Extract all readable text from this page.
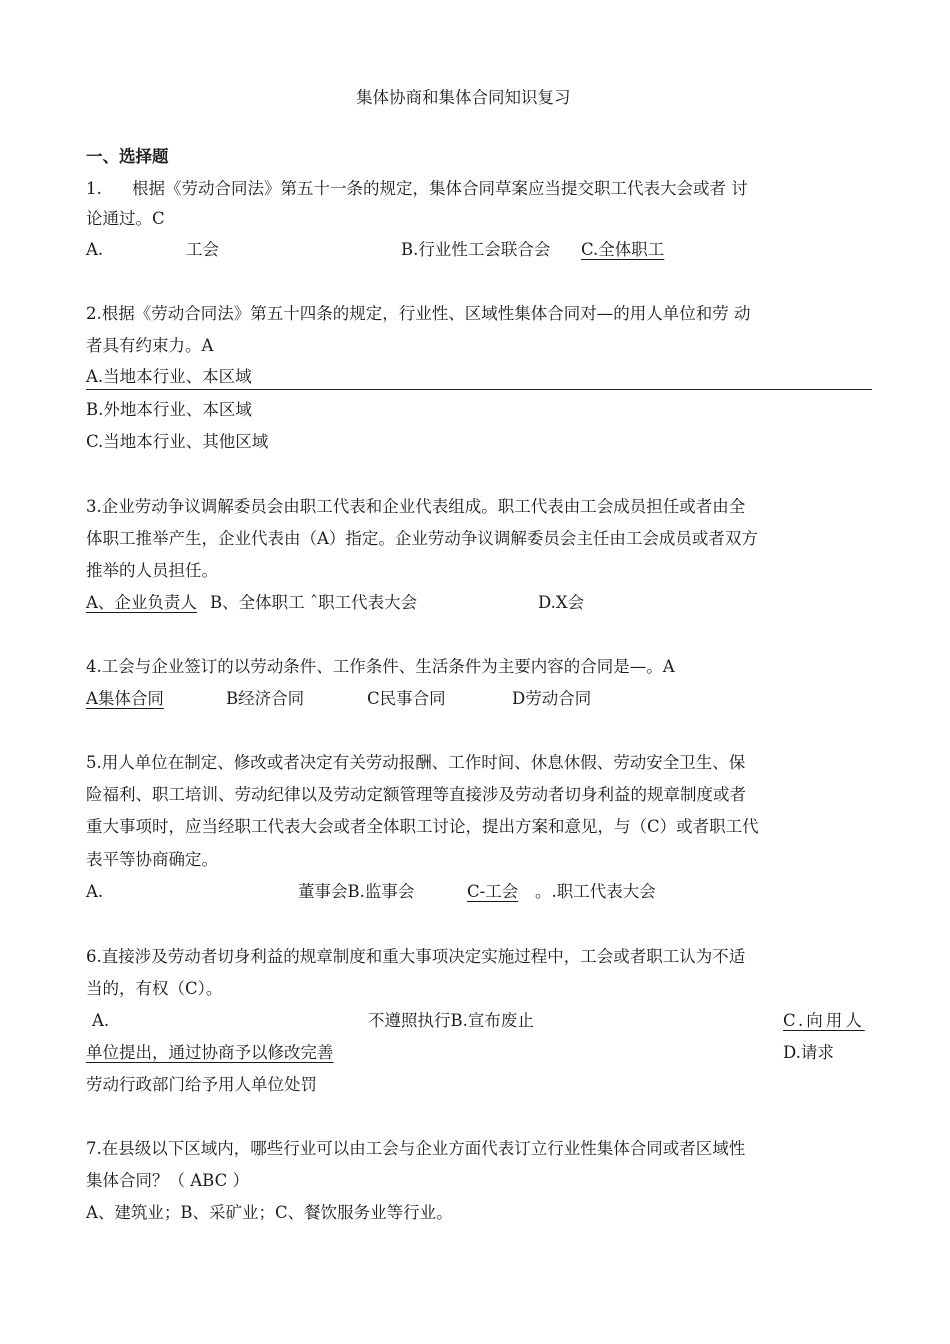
集体协商和集体合同知识复习
一、选择题
1. 根据《劳动合同法》第五十一条的规定，集体合同草案应当提交职工代表大会或者 讨
论通过。C
A.	工会	B.行业性工会联合会 C.全体职工
2.根据《劳动合同法》第五十四条的规定，行业性、区域性集体合同对—的用人单位和劳 动
者具有约束力。A
A.当地本行业、本区域
B.外地本行业、本区域
C.当地本行业、其他区域
3.企业劳动争议调解委员会由职工代表和企业代表组成。职工代表由工会成员担任或者由全
体职工推举产生，企业代表由（A）指定。企业劳动争议调解委员会主任由工会成员或者双方
推举的人员担任。
A、企业负责人 B、全体职工 ˆ职工代表大会	D.X会
4.工会与企业签订的以劳动条件、工作条件、生活条件为主要内容的合同是—。A
A集体合同	B经济合同	C民事合同	D劳动合同
5.用人单位在制定、修改或者决定有关劳动报酬、工作时间、休息休假、劳动安全卫生、保
险福利、职工培训、劳动纪律以及劳动定额管理等直接涉及劳动者切身利益的规章制度或者
重大事项时，应当经职工代表大会或者全体职工讨论，提出方案和意见，与（C）或者职工代
表平等协商确定。
A.	董事会B.监事会	C-工会 。.职工代表大会
6.直接涉及劳动者切身利益的规章制度和重大事项决定实施过程中，工会或者职工认为不适
当的，有权（C）。
A.	不遵照执行B.宣布废止	C.向用人
单位提出，通过协商予以修改完善	D.请求
劳动行政部门给予用人单位处罚
7.在县级以下区域内，哪些行业可以由工会与企业方面代表订立行业性集体合同或者区域性
集体合同？（ ABC ）
A、建筑业；B、采矿业；C、餐饮服务业等行业。
